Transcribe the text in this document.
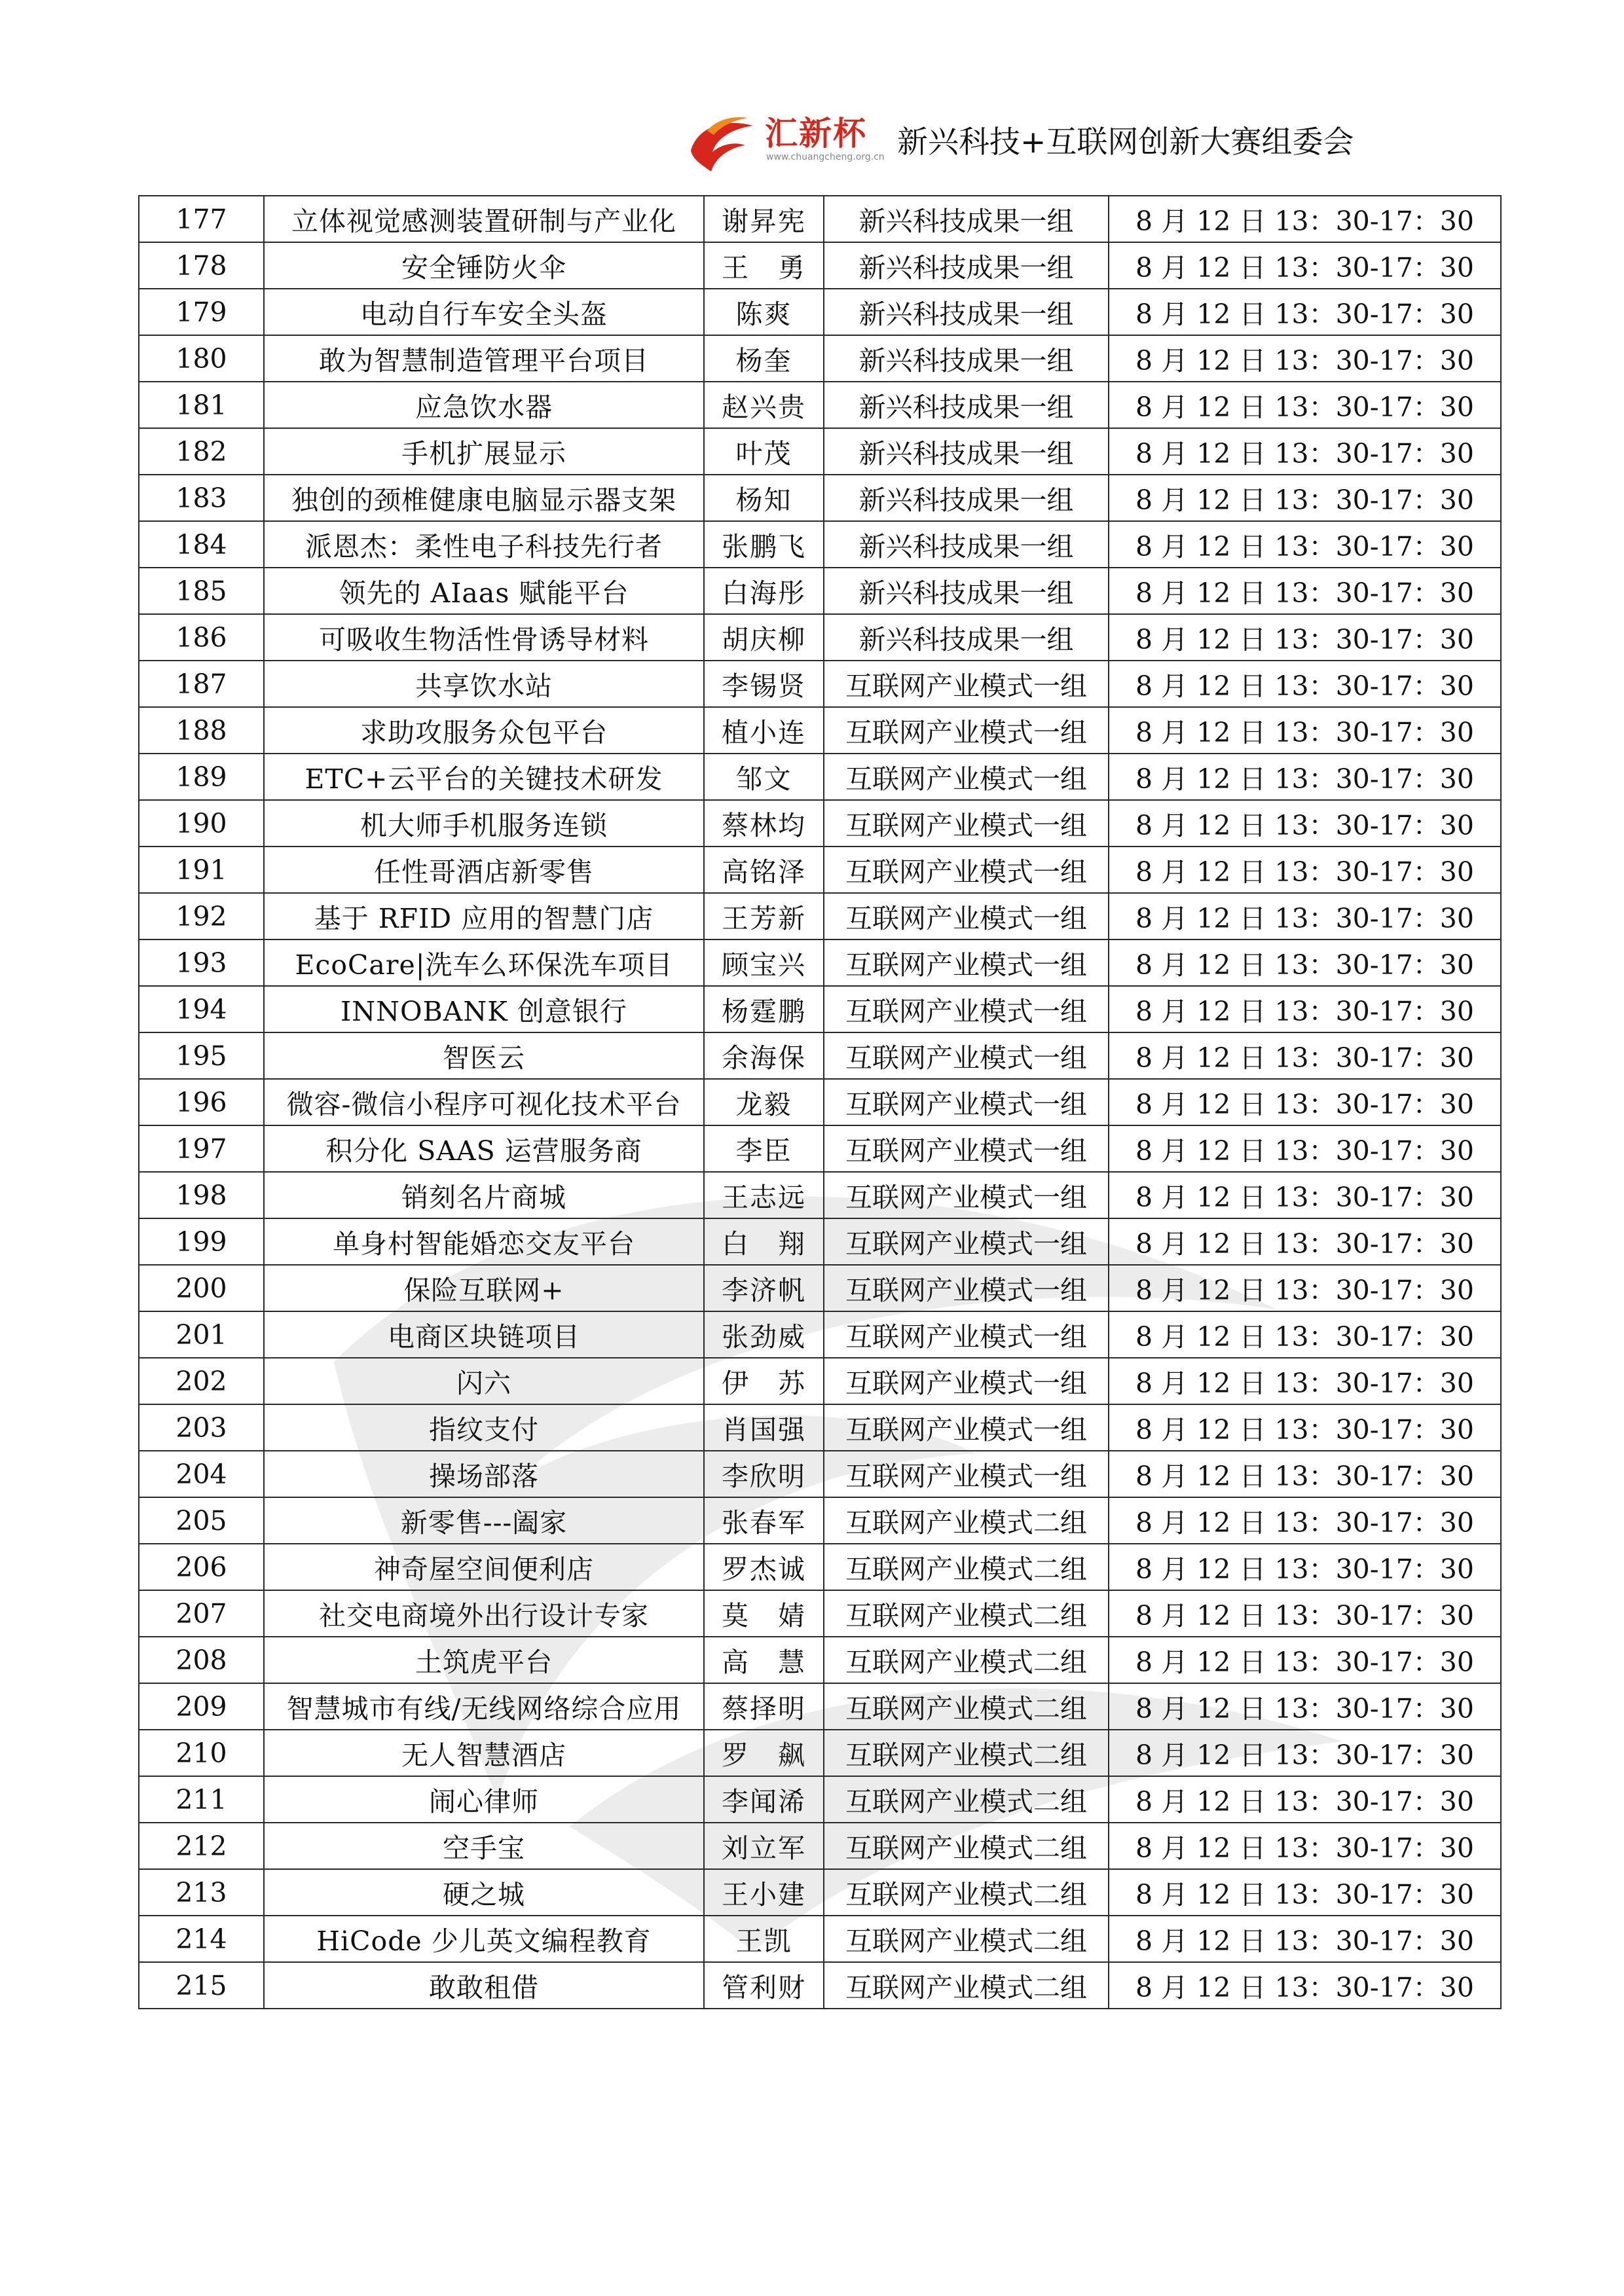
汇新杯
www.chuangcheng.org.cn 新兴科技+互联网创新大赛组委会
177	立体视觉感测装置研制与产业化	谢昇宪	新兴科技成果一组	8 月 12 日 13：30-17：30
178	安全锤防火伞	王　勇	新兴科技成果一组	8 月 12 日 13：30-17：30
179	电动自行车安全头盔	陈爽	新兴科技成果一组	8 月 12 日 13：30-17：30
180	敢为智慧制造管理平台项目	杨奎	新兴科技成果一组	8 月 12 日 13：30-17：30
181	应急饮水器	赵兴贵	新兴科技成果一组	8 月 12 日 13：30-17：30
182	手机扩展显示	叶茂	新兴科技成果一组	8 月 12 日 13：30-17：30
183	独创的颈椎健康电脑显示器支架	杨知	新兴科技成果一组	8 月 12 日 13：30-17：30
184	派恩杰：柔性电子科技先行者	张鹏飞	新兴科技成果一组	8 月 12 日 13：30-17：30
185	领先的 AIaas 赋能平台	白海彤	新兴科技成果一组	8 月 12 日 13：30-17：30
186	可吸收生物活性骨诱导材料	胡庆柳	新兴科技成果一组	8 月 12 日 13：30-17：30
187	共享饮水站	李锡贤	互联网产业模式一组	8 月 12 日 13：30-17：30
188	求助攻服务众包平台	植小连	互联网产业模式一组	8 月 12 日 13：30-17：30
189	ETC+云平台的关键技术研发	邹文	互联网产业模式一组	8 月 12 日 13：30-17：30
190	机大师手机服务连锁	蔡林均	互联网产业模式一组	8 月 12 日 13：30-17：30
191	任性哥酒店新零售	高铭泽	互联网产业模式一组	8 月 12 日 13：30-17：30
192	基于 RFID 应用的智慧门店	王芳新	互联网产业模式一组	8 月 12 日 13：30-17：30
193	EcoCare|洗车么环保洗车项目	顾宝兴	互联网产业模式一组	8 月 12 日 13：30-17：30
194	INNOBANK 创意银行	杨霆鹏	互联网产业模式一组	8 月 12 日 13：30-17：30
195	智医云	余海保	互联网产业模式一组	8 月 12 日 13：30-17：30
196	微容-微信小程序可视化技术平台	龙毅	互联网产业模式一组	8 月 12 日 13：30-17：30
197	积分化 SAAS 运营服务商	李臣	互联网产业模式一组	8 月 12 日 13：30-17：30
198	销刻名片商城	王志远	互联网产业模式一组	8 月 12 日 13：30-17：30
199	单身村智能婚恋交友平台	白　翔	互联网产业模式一组	8 月 12 日 13：30-17：30
200	保险互联网+	李济帆	互联网产业模式一组	8 月 12 日 13：30-17：30
201	电商区块链项目	张劲威	互联网产业模式一组	8 月 12 日 13：30-17：30
202	闪六	伊　苏	互联网产业模式一组	8 月 12 日 13：30-17：30
203	指纹支付	肖国强	互联网产业模式一组	8 月 12 日 13：30-17：30
204	操场部落	李欣明	互联网产业模式一组	8 月 12 日 13：30-17：30
205	新零售---阖家	张春军	互联网产业模式二组	8 月 12 日 13：30-17：30
206	神奇屋空间便利店	罗杰诚	互联网产业模式二组	8 月 12 日 13：30-17：30
207	社交电商境外出行设计专家	莫　婧	互联网产业模式二组	8 月 12 日 13：30-17：30
208	土筑虎平台	高　慧	互联网产业模式二组	8 月 12 日 13：30-17：30
209	智慧城市有线/无线网络综合应用	蔡择明	互联网产业模式二组	8 月 12 日 13：30-17：30
210	无人智慧酒店	罗　飙	互联网产业模式二组	8 月 12 日 13：30-17：30
211	闹心律师	李闻浠	互联网产业模式二组	8 月 12 日 13：30-17：30
212	空手宝	刘立军	互联网产业模式二组	8 月 12 日 13：30-17：30
213	硬之城	王小建	互联网产业模式二组	8 月 12 日 13：30-17：30
214	HiCode 少儿英文编程教育	王凯	互联网产业模式二组	8 月 12 日 13：30-17：30
215	敢敢租借	管利财	互联网产业模式二组	8 月 12 日 13：30-17：30
